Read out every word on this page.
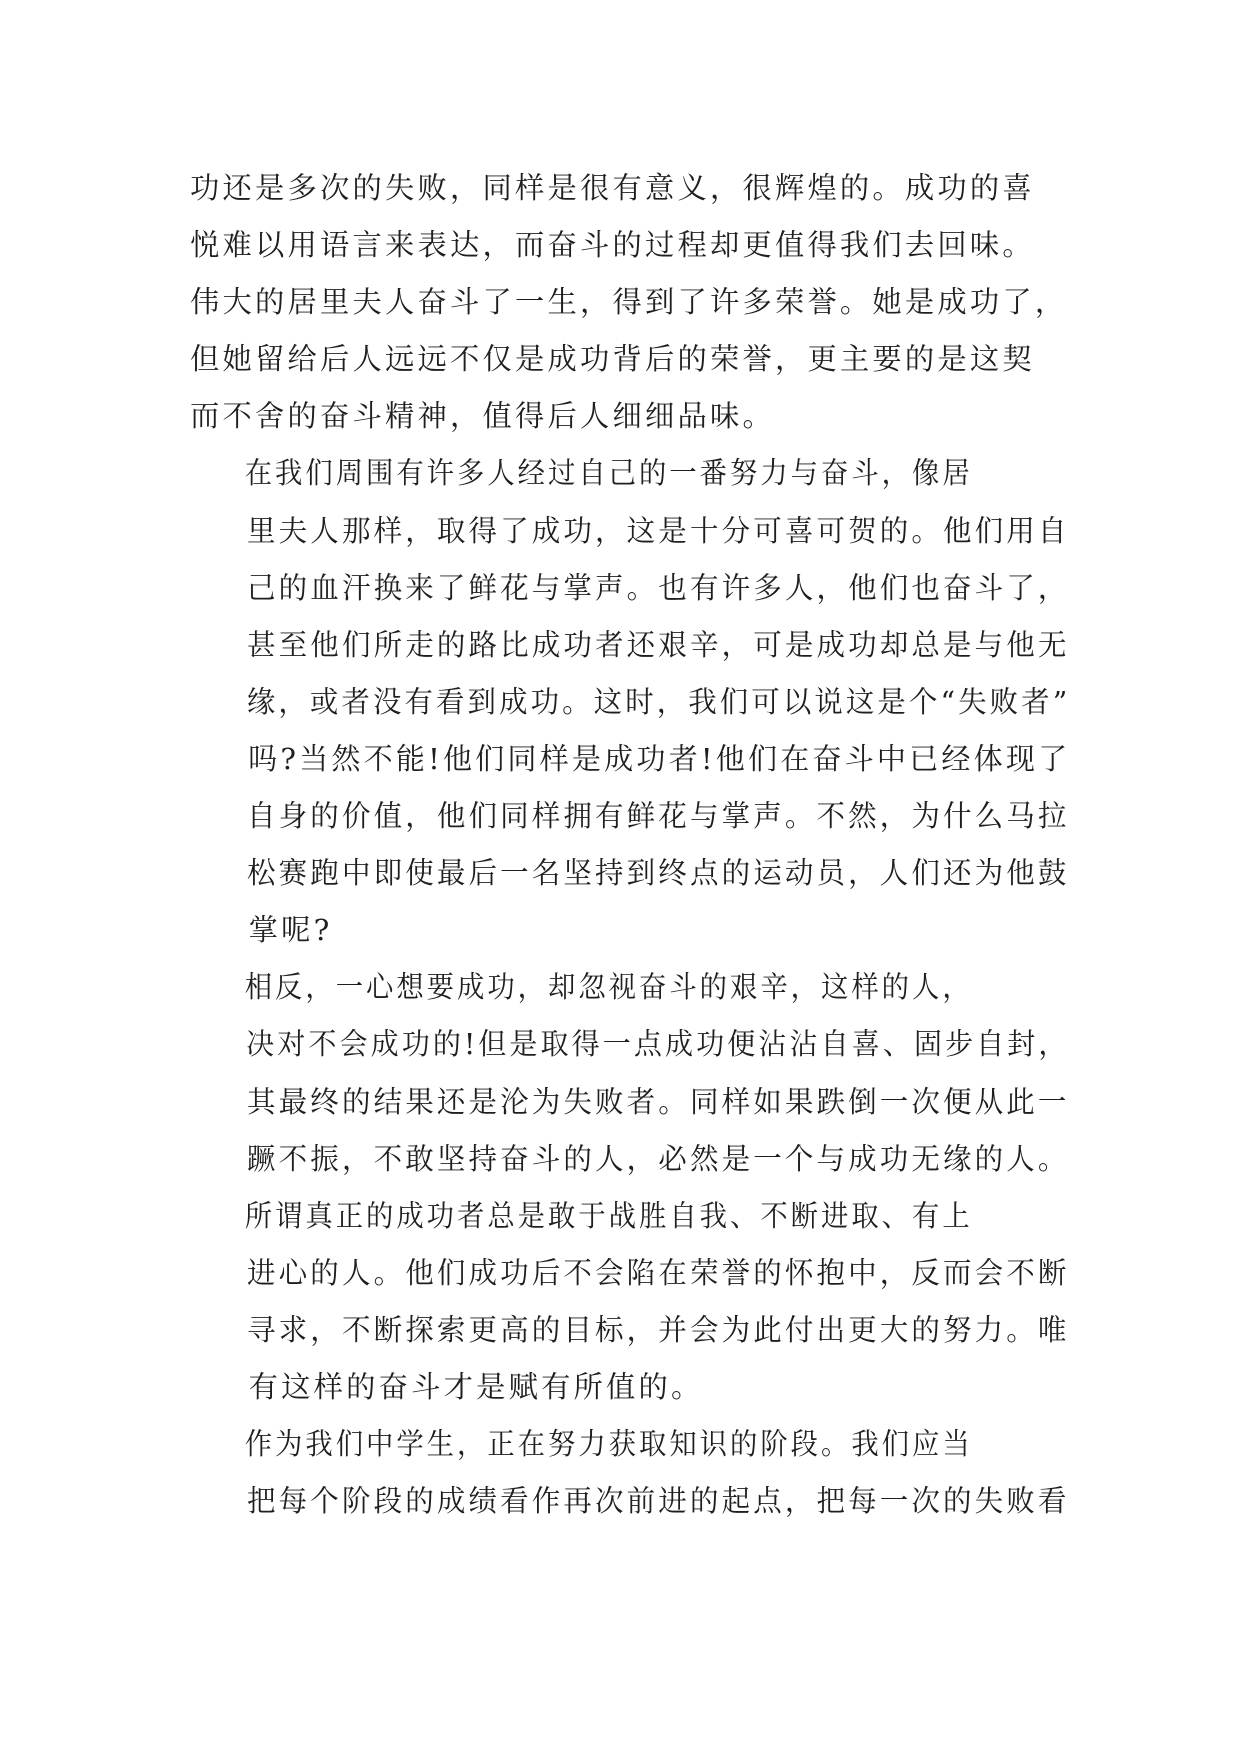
功还是多次的失败，同样是很有意义，很辉煌的。成功的喜
悦难以用语言来表达，而奋斗的过程却更值得我们去回味。
伟大的居里夫人奋斗了一生，得到了许多荣誉。她是成功了，
但她留给后人远远不仅是成功背后的荣誉，更主要的是这契
而不舍的奋斗精神，值得后人细细品味。
在我们周围有许多人经过自己的一番努力与奋斗，像居
里夫人那样，取得了成功，这是十分可喜可贺的。他们用自
己的血汗换来了鲜花与掌声。也有许多人，他们也奋斗了，
甚至他们所走的路比成功者还艰辛，可是成功却总是与他无
缘，或者没有看到成功。这时，我们可以说这是个“失败者”
吗?当然不能!他们同样是成功者!他们在奋斗中已经体现了
自身的价值，他们同样拥有鲜花与掌声。不然，为什么马拉
松赛跑中即使最后一名坚持到终点的运动员，人们还为他鼓
掌呢?
相反，一心想要成功，却忽视奋斗的艰辛，这样的人，
决对不会成功的!但是取得一点成功便沾沾自喜、固步自封，
其最终的结果还是沦为失败者。同样如果跌倒一次便从此一
蹶不振，不敢坚持奋斗的人，必然是一个与成功无缘的人。
所谓真正的成功者总是敢于战胜自我、不断进取、有上
进心的人。他们成功后不会陷在荣誉的怀抱中，反而会不断
寻求，不断探索更高的目标，并会为此付出更大的努力。唯
有这样的奋斗才是赋有所值的。
作为我们中学生，正在努力获取知识的阶段。我们应当
把每个阶段的成绩看作再次前进的起点，把每一次的失败看
